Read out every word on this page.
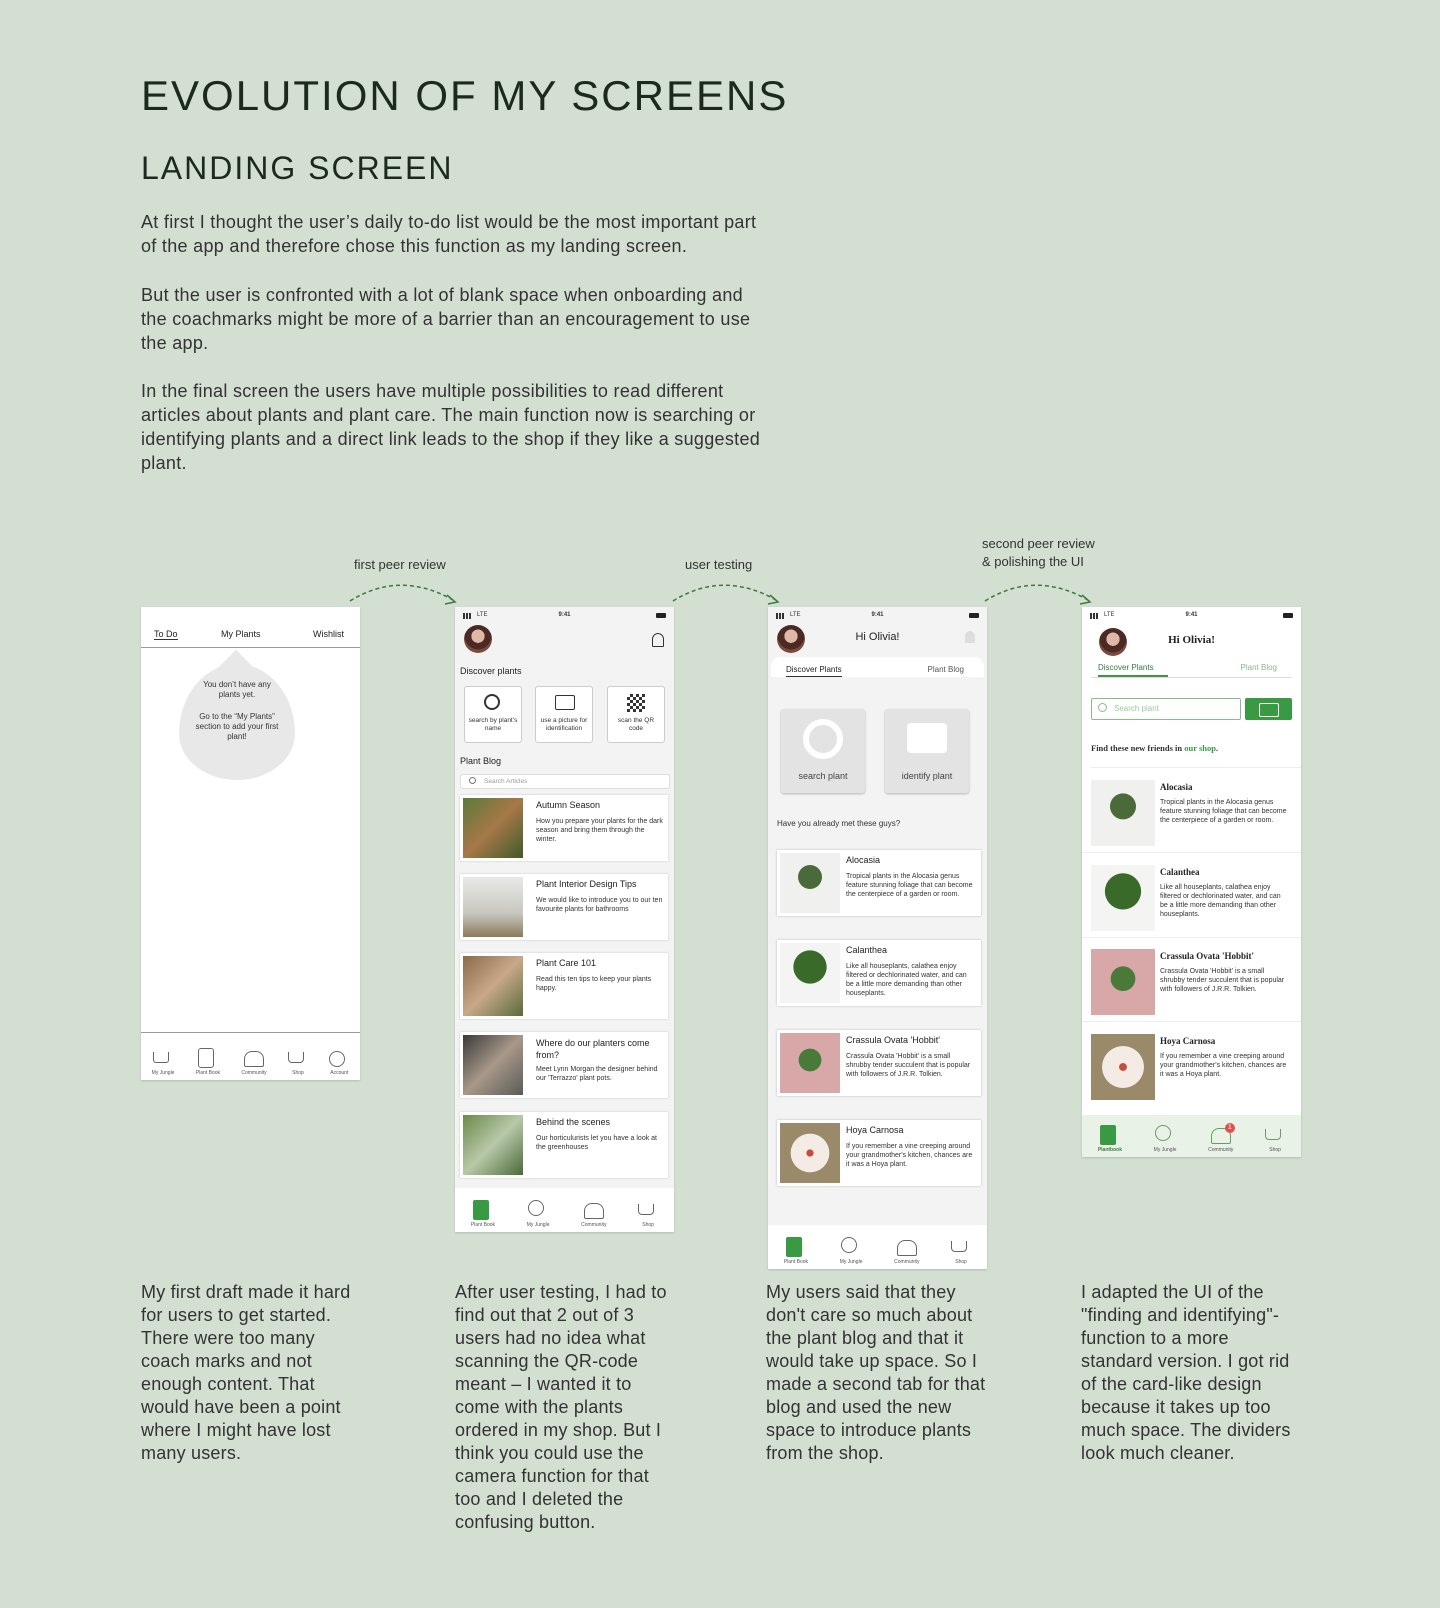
EVOLUTION OF MY SCREENS
LANDING SCREEN

At first I thought the user’s daily to-do list would be the most important part of the app and therefore chose this function as my landing screen.

But the user is confronted with a lot of blank space when onboarding and the coachmarks might be more of a barrier than an encouragement to use the app.

In the final screen the users have multiple possibilities to read different articles about plants and plant care. The main function now is searching or identifying plants and a direct link leads to the shop if they like a suggested plant.

first peer review	user testing
second peer review
& polishing the UI
To Do	My Plants	Wishlist
You don’t have any plants yet.
Go to the “My Plants” section to add your first plant!
My Jungle	Plant Book	Community	Shop	Account
LTE	9:41
Discover plants
search by plant’s name
use a picture for identification
scan the QR code
Plant Blog
Search Articles
Autumn Season
How you prepare your plants for the dark season and bring them through the winter.
Plant Interior Design Tips
We would like to introduce you to our ten favourite plants for bathrooms
Plant Care 101
Read this ten tips to keep your plants happy.
Where do our planters come from?
Meet Lynn Morgan the designer behind our 'Terrazzo' plant pots.
Behind the scenes
Our horticulurists let you have a look at the greenhouses
Plant Book	My Jungle	Community	Shop
LTE	9:41
Hi Olivia!
Discover Plants	Plant Blog
search plant	identify plant
Have you already met these guys?
Alocasia
Tropical plants in the Alocasia genus feature stunning foliage that can become the centerpiece of a garden or room.
Calanthea
Like all houseplants, calathea enjoy filtered or dechlorinated water, and can be a little more demanding than other houseplants.
Crassula Ovata 'Hobbit'
Crassula Ovata 'Hobbit' is a small shrubby tender succulent that is popular with followers of J.R.R. Tolkien.
Hoya Carnosa
If you remember a vine creeping around your grandmother's kitchen, chances are it was a Hoya plant.
Plant Book	My Jungle	Community	Shop
LTE	9:41
Hi Olivia!
Discover Plants	Plant Blog
Search plant
Find these new friends in our shop.
Alocasia
Tropical plants in the Alocasia genus feature stunning foliage that can become the centerpiece of a garden or room.
Calanthea
Like all houseplants, calathea enjoy filtered or dechlorinated water, and can be a little more demanding than other houseplants.
Crassula Ovata 'Hobbit'
Crassula Ovata 'Hobbit' is a small shrubby tender succulent that is popular with followers of J.R.R. Tolkien.
Hoya Carnosa
If you remember a vine creeping around your grandmother's kitchen, chances are it was a Hoya plant.
Plantbook	My Jungle
1
Community	Shop

My first draft made it hard for users to get started. There were too many coach marks and not enough content. That would have been a point where I might have lost many users.

After user testing, I had to find out that 2 out of 3 users had no idea what scanning the QR-code meant – I wanted it to come with the plants ordered in my shop. But I think you could use the camera function for that too and I deleted the confusing button.

My users said that they don't care so much about the plant blog and that it would take up space. So I made a second tab for that blog and used the new space to introduce plants from the shop.

I adapted the UI of the "finding and identifying"-function to a more standard version. I got rid of the card-like design because it takes up too much space. The dividers look much cleaner.
